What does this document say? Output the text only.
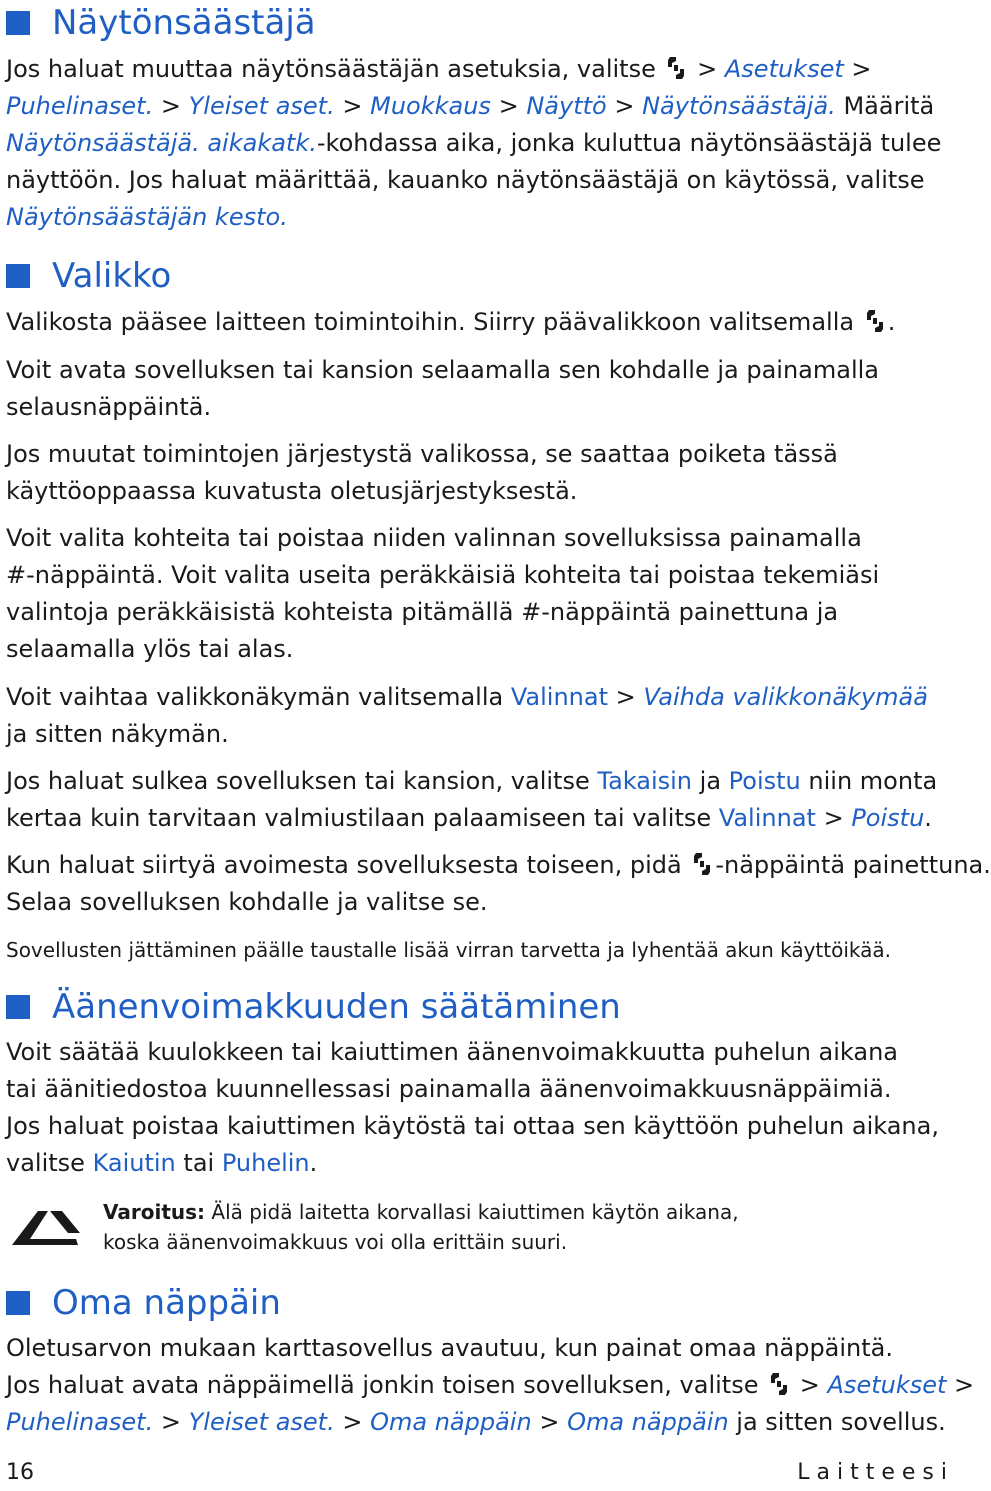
Näytönsäästäjä

Jos haluat muuttaa näytönsäästäjän asetuksia, valitse > Asetukset >

Puhelinaset. > Yleiset aset. > Muokkaus > Näyttö > Näytönsäästäjä. Määritä

Näytönsäästäjä. aikakatk.-kohdassa aika, jonka kuluttua näytönsäästäjä tulee

näyttöön. Jos haluat määrittää, kauanko näytönsäästäjä on käytössä, valitse

Näytönsäästäjän kesto.

Valikko

Valikosta pääsee laitteen toimintoihin. Siirry päävalikkoon valitsemalla .

Voit avata sovelluksen tai kansion selaamalla sen kohdalle ja painamalla

selausnäppäintä.

Jos muutat toimintojen järjestystä valikossa, se saattaa poiketa tässä

käyttöoppaassa kuvatusta oletusjärjestyksestä.

Voit valita kohteita tai poistaa niiden valinnan sovelluksissa painamalla

#-näppäintä. Voit valita useita peräkkäisiä kohteita tai poistaa tekemiäsi

valintoja peräkkäisistä kohteista pitämällä #-näppäintä painettuna ja

selaamalla ylös tai alas.

Voit vaihtaa valikkonäkymän valitsemalla Valinnat > Vaihda valikkonäkymää

ja sitten näkymän.

Jos haluat sulkea sovelluksen tai kansion, valitse Takaisin ja Poistu niin monta

kertaa kuin tarvitaan valmiustilaan palaamiseen tai valitse Valinnat > Poistu.

Kun haluat siirtyä avoimesta sovelluksesta toiseen, pidä -näppäintä painettuna.

Selaa sovelluksen kohdalle ja valitse se.

Sovellusten jättäminen päälle taustalle lisää virran tarvetta ja lyhentää akun käyttöikää.

Äänenvoimakkuuden säätäminen

Voit säätää kuulokkeen tai kaiuttimen äänenvoimakkuutta puhelun aikana

tai äänitiedostoa kuunnellessasi painamalla äänenvoimakkuusnäppäimiä.

Jos haluat poistaa kaiuttimen käytöstä tai ottaa sen käyttöön puhelun aikana,

valitse Kaiutin tai Puhelin.

Varoitus: Älä pidä laitetta korvallasi kaiuttimen käytön aikana,

koska äänenvoimakkuus voi olla erittäin suuri.

Oma näppäin

Oletusarvon mukaan karttasovellus avautuu, kun painat omaa näppäintä.

Jos haluat avata näppäimellä jonkin toisen sovelluksen, valitse > Asetukset >

Puhelinaset. > Yleiset aset. > Oma näppäin > Oma näppäin ja sitten sovellus.

16	Laitteesi
